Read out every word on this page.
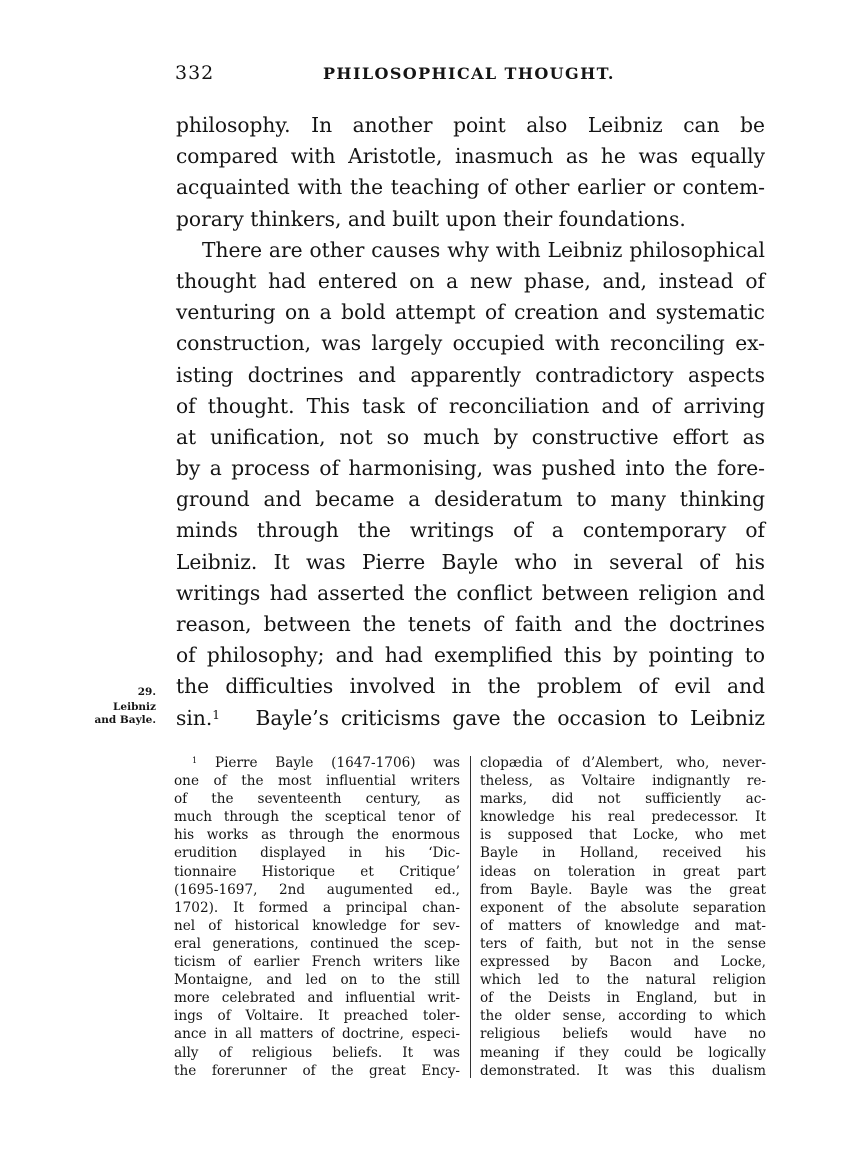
332	PHILOSOPHICAL THOUGHT.
philosophy. In another point also Leibniz can be
compared with Aristotle, inasmuch as he was equally
acquainted with the teaching of other earlier or contem-
porary thinkers, and built upon their foundations.
There are other causes why with Leibniz philosophical
thought had entered on a new phase, and, instead of
venturing on a bold attempt of creation and systematic
construction, was largely occupied with reconciling ex-
isting doctrines and apparently contradictory aspects
of thought. This task of reconciliation and of arriving
at unification, not so much by constructive effort as
by a process of harmonising, was pushed into the fore-
ground and became a desideratum to many thinking
minds through the writings of a contemporary of
Leibniz. It was Pierre Bayle who in several of his
writings had asserted the conflict between religion and
reason, between the tenets of faith and the doctrines
of philosophy; and had exemplified this by pointing to
the difficulties involved in the problem of evil and
sin.$^1$   Bayle’s criticisms gave the occasion to Leibniz
29.
Leibniz
and Bayle.
$^1$ Pierre Bayle (1647-1706) was
one of the most influential writers
of the seventeenth century, as
much through the sceptical tenor of
his works as through the enormous
erudition displayed in his ‘Dic-
tionnaire Historique et Critique’
(1695-1697, 2nd augumented ed.,
1702). It formed a principal chan-
nel of historical knowledge for sev-
eral generations, continued the scep-
ticism of earlier French writers like
Montaigne, and led on to the still
more celebrated and influential writ-
ings of Voltaire. It preached toler-
ance in all matters of doctrine, especi-
ally of religious beliefs. It was
the forerunner of the great Ency-
clopædia of d’Alembert, who, never-
theless, as Voltaire indignantly re-
marks, did not sufficiently ac-
knowledge his real predecessor. It
is supposed that Locke, who met
Bayle in Holland, received his
ideas on toleration in great part
from Bayle. Bayle was the great
exponent of the absolute separation
of matters of knowledge and mat-
ters of faith, but not in the sense
expressed by Bacon and Locke,
which led to the natural religion
of the Deists in England, but in
the older sense, according to which
religious beliefs would have no
meaning if they could be logically
demonstrated. It was this dualism
